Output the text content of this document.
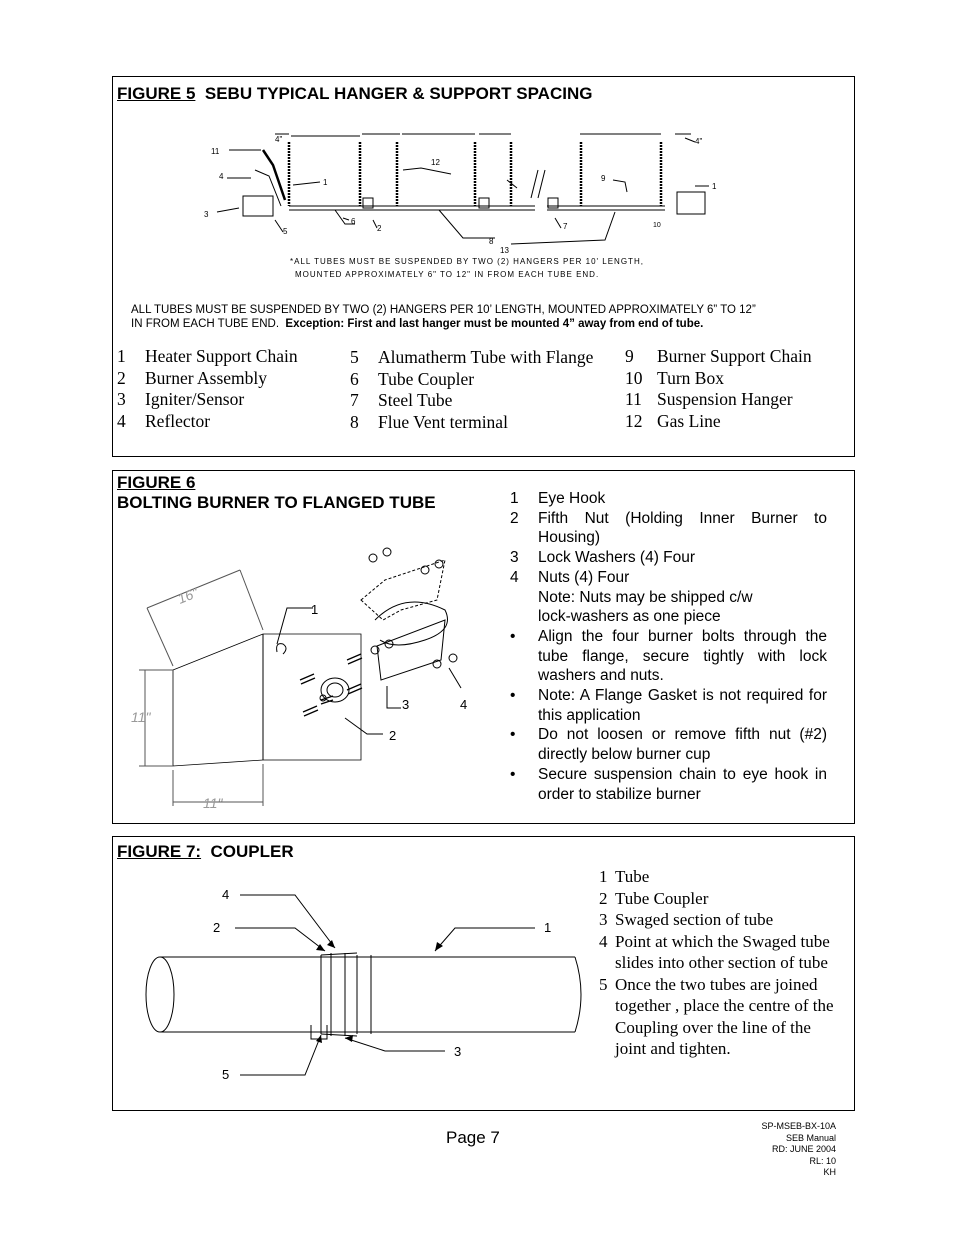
FIGURE 5 SEBU TYPICAL HANGER & SUPPORT SPACING
4"	4"
11
4
3
1
5
6
2
12
8
13
7
9
1
10
*ALL TUBES MUST BE SUSPENDED BY TWO (2) HANGERS PER 10' LENGTH,
MOUNTED APPROXIMATELY 6" TO 12" IN FROM EACH TUBE END.
ALL TUBES MUST BE SUSPENDED BY TWO (2) HANGERS PER 10’ LENGTH, MOUNTED APPROXIMATELY 6” TO 12”
IN FROM EACH TUBE END. Exception: First and last hanger must be mounted 4” away from end of tube.
1 Heater Support Chain
2 Burner Assembly
3 Igniter/Sensor
4 Reflector
5 Alumatherm Tube with Flange
6 Tube Coupler
7 Steel Tube
8 Flue Vent terminal
9 Burner Support Chain
10 Turn Box
11 Suspension Hanger
12 Gas Line
FIGURE 6
BOLTING BURNER TO FLANGED TUBE
16"
11"
11"
1
3	4
2
1	Eye Hook
2	Fifth Nut (Holding Inner Burner to Housing)
3	Lock Washers (4) Four
4	Nuts (4) Four
Note: Nuts may be shipped c/w lock-washers as one piece
•	Align the four burner bolts through the tube flange, secure tightly with lock washers and nuts.
•	Note: A Flange Gasket is not required for this application
•	Do not loosen or remove fifth nut (#2) directly below burner cup
•	Secure suspension chain to eye hook in order to stabilize burner
FIGURE 7: COUPLER
4
2	1
3
5
1 Tube
2 Tube Coupler
3 Swaged section of tube
4 Point at which the Swaged tube slides into other section of tube
5 Once the two tubes are joined together , place the centre of the Coupling over the line of the joint and tighten.
Page 7
SP-MSEB-BX-10A
SEB Manual
RD: JUNE 2004
RL: 10
KH
